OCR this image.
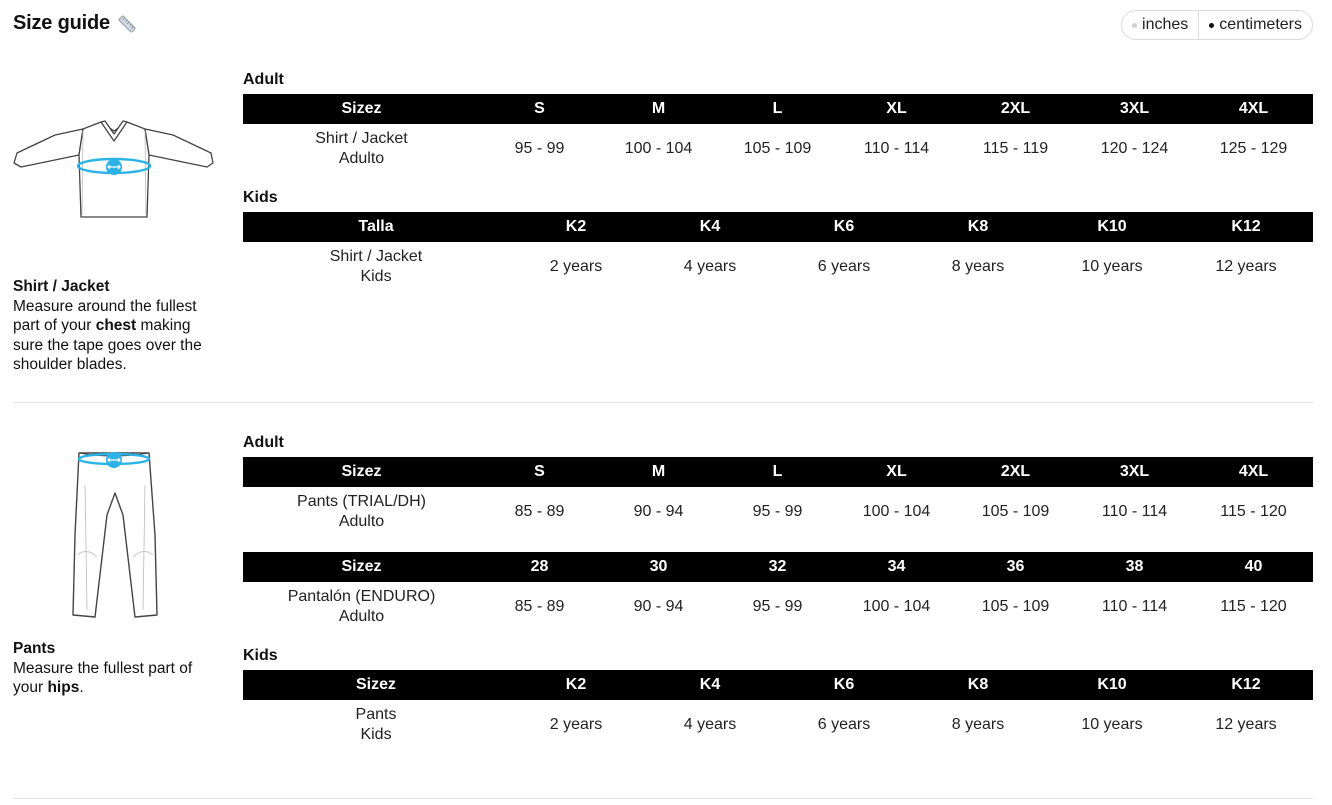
Size guide	inches centimeters
Shirt / Jacket
Measure around the fullest part of your chest making sure the tape goes over the shoulder blades.
Adult
Sizez	S	M	L	XL	2XL	3XL	4XL
Shirt / Jacket
Adulto	95 - 99	100 - 104	105 - 109	110 - 114	115 - 119	120 - 124	125 - 129
Kids
Talla	K2	K4	K6	K8	K10	K12
Shirt / Jacket
Kids	2 years	4 years	6 years	8 years	10 years	12 years
Pants
Measure the fullest part of your hips.
Adult
Sizez	S	M	L	XL	2XL	3XL	4XL
Pants (TRIAL/DH)
Adulto	85 - 89	90 - 94	95 - 99	100 - 104	105 - 109	110 - 114	115 - 120
Sizez	28	30	32	34	36	38	40
Pantalón (ENDURO)
Adulto	85 - 89	90 - 94	95 - 99	100 - 104	105 - 109	110 - 114	115 - 120
Kids
Sizez	K2	K4	K6	K8	K10	K12
Pants
Kids	2 years	4 years	6 years	8 years	10 years	12 years
